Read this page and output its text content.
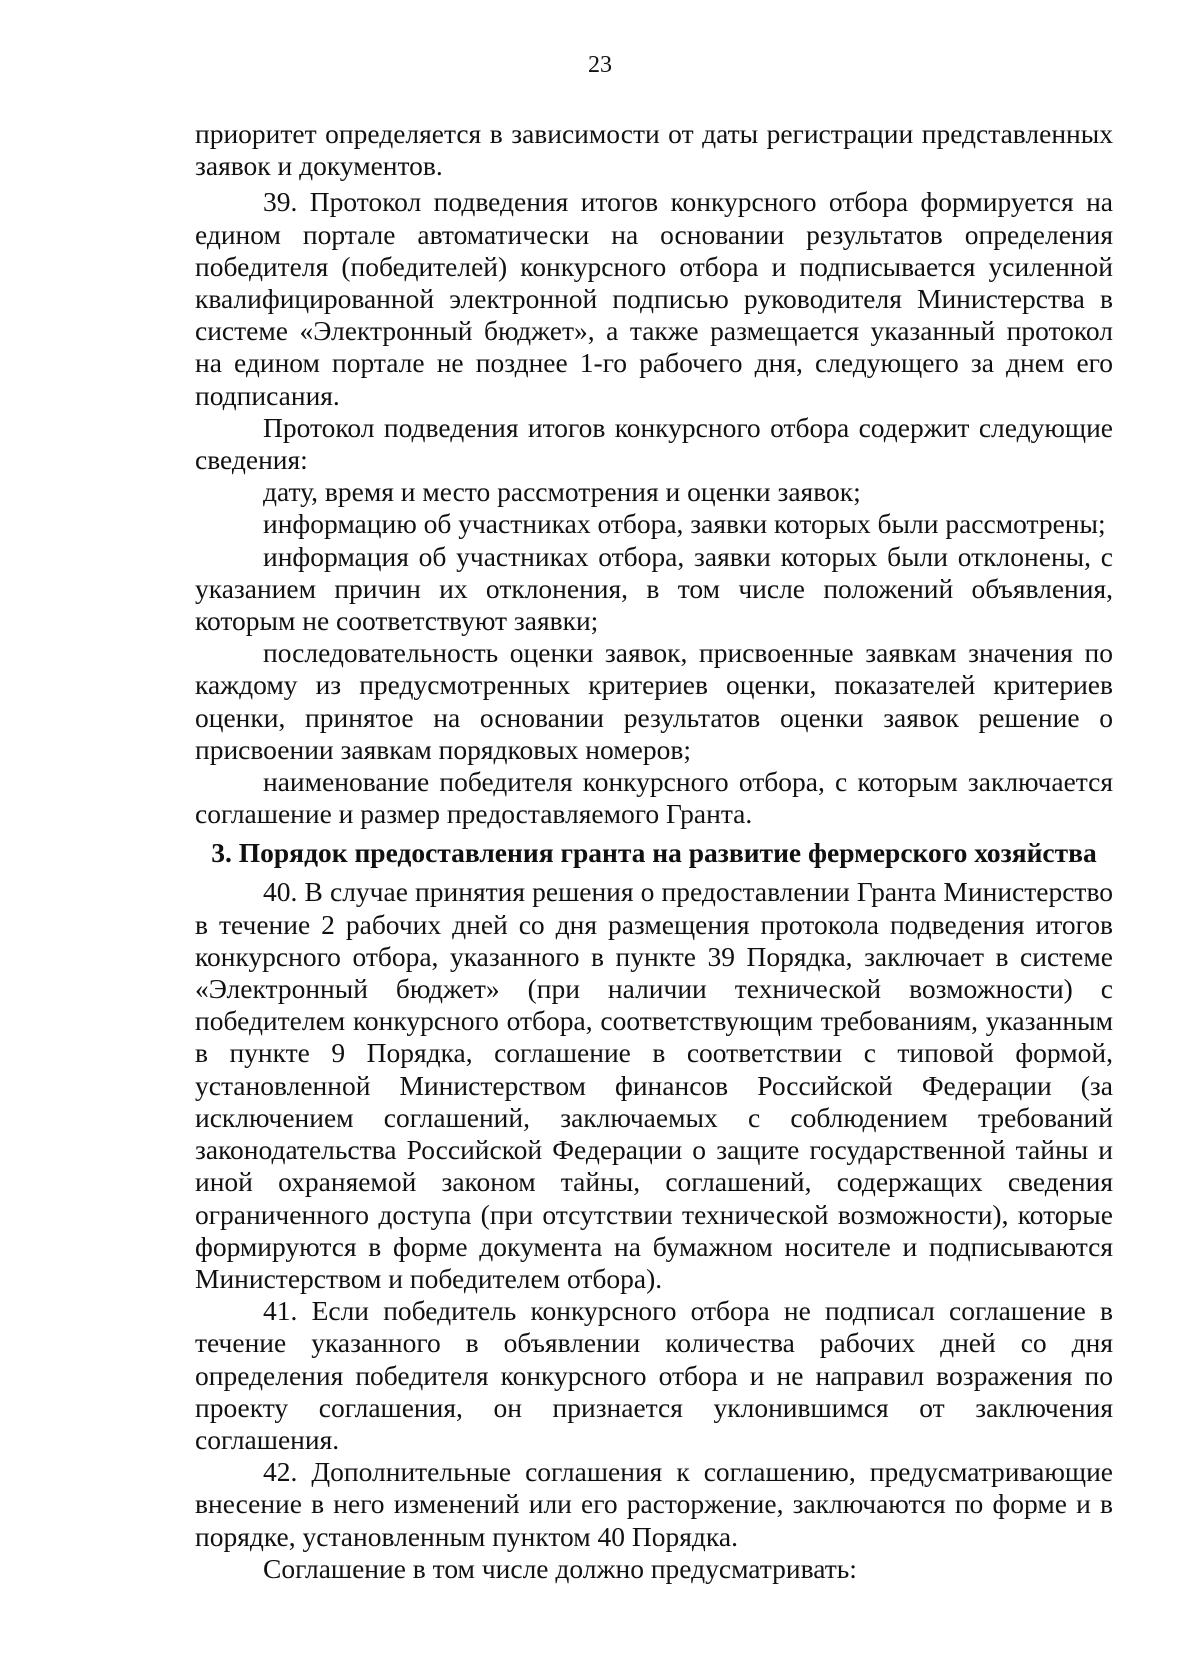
23

приоритет определяется в зависимости от даты регистрации представленных заявок и документов.

39. Протокол подведения итогов конкурсного отбора формируется на едином портале автоматически на основании результатов определения победителя (победителей) конкурсного отбора и подписывается усиленной квалифицированной электронной подписью руководителя Министерства в системе «Электронный бюджет», а также размещается указанный протокол на едином портале не позднее 1-го рабочего дня, следующего за днем его подписания.

Протокол подведения итогов конкурсного отбора содержит следующие сведения:

дату, время и место рассмотрения и оценки заявок;

информацию об участниках отбора, заявки которых были рассмотрены;

информация об участниках отбора, заявки которых были отклонены, с указанием причин их отклонения, в том числе положений объявления, которым не соответствуют заявки;

последовательность оценки заявок, присвоенные заявкам значения по каждому из предусмотренных критериев оценки, показателей критериев оценки, принятое на основании результатов оценки заявок решение о присвоении заявкам порядковых номеров;

наименование победителя конкурсного отбора, с которым заключается соглашение и размер предоставляемого Гранта.

3. Порядок предоставления гранта на развитие фермерского хозяйства

40. В случае принятия решения о предоставлении Гранта Министерство в течение 2 рабочих дней со дня размещения протокола подведения итогов конкурсного отбора, указанного в пункте 39 Порядка, заключает в системе «Электронный бюджет» (при наличии технической возможности) с победителем конкурсного отбора, соответствующим требованиям, указанным в пункте 9 Порядка, соглашение в соответствии с типовой формой, установленной Министерством финансов Российской Федерации (за исключением соглашений, заключаемых с соблюдением требований законодательства Российской Федерации о защите государственной тайны и иной охраняемой законом тайны, соглашений, содержащих сведения ограниченного доступа (при отсутствии технической возможности), которые формируются в форме документа на бумажном носителе и подписываются Министерством и победителем отбора).

41. Если победитель конкурсного отбора не подписал соглашение в течение указанного в объявлении количества рабочих дней со дня определения победителя конкурсного отбора и не направил возражения по проекту соглашения, он признается уклонившимся от заключения соглашения.

42. Дополнительные соглашения к соглашению, предусматривающие внесение в него изменений или его расторжение, заключаются по форме и в порядке, установленным пунктом 40 Порядка.

Соглашение в том числе должно предусматривать:
